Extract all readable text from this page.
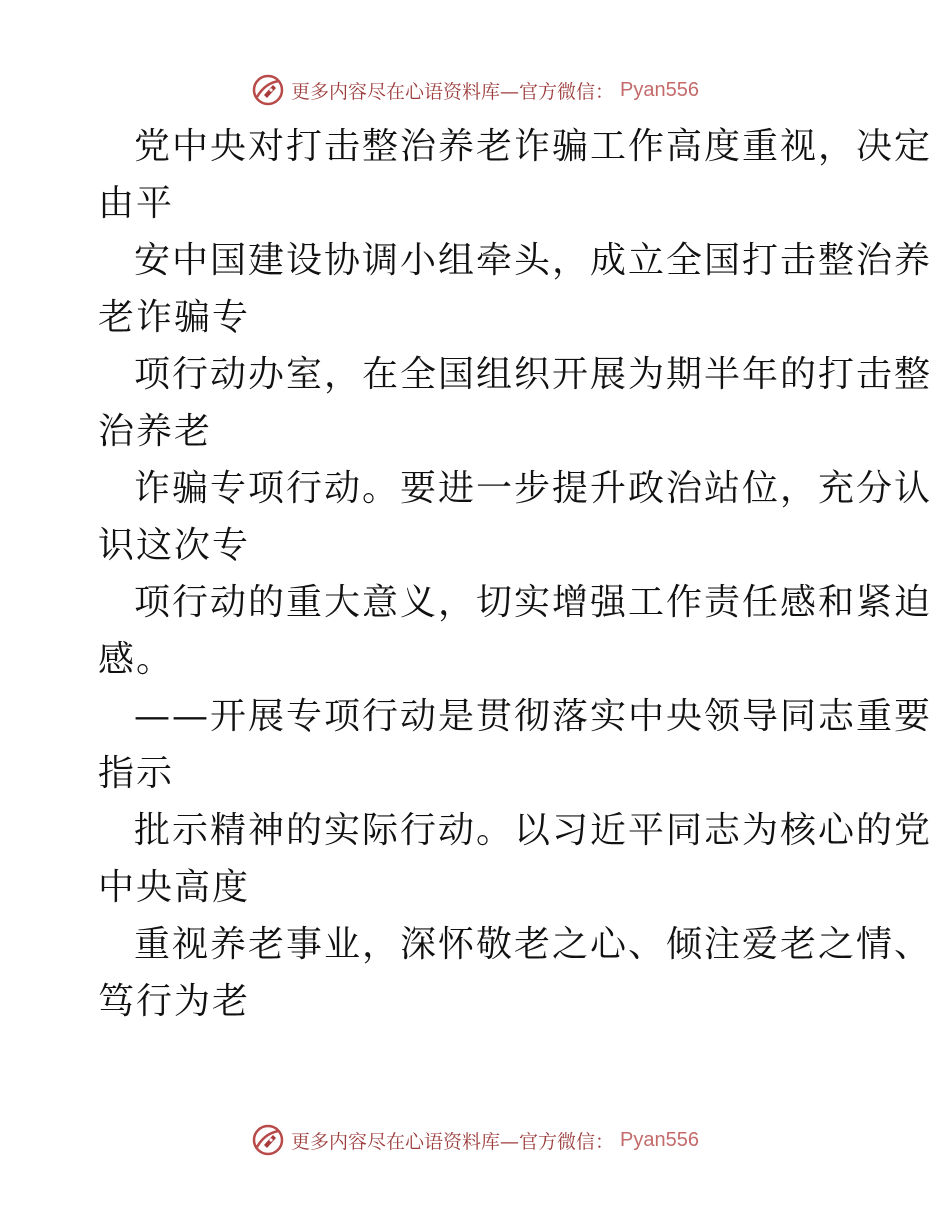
更多内容尽在心语资料库—官方微信： Pyan556
党中央对打击整治养老诈骗工作高度重视，决定
由平
安中国建设协调小组牵头，成立全国打击整治养
老诈骗专
项行动办室，在全国组织开展为期半年的打击整
治养老
诈骗专项行动。要进一步提升政治站位，充分认
识这次专
项行动的重大意义，切实增强工作责任感和紧迫
感。
——开展专项行动是贯彻落实中央领导同志重要
指示
批示精神的实际行动。以习近平同志为核心的党
中央高度
重视养老事业，深怀敬老之心、倾注爱老之情、
笃行为老
更多内容尽在心语资料库—官方微信： Pyan556
